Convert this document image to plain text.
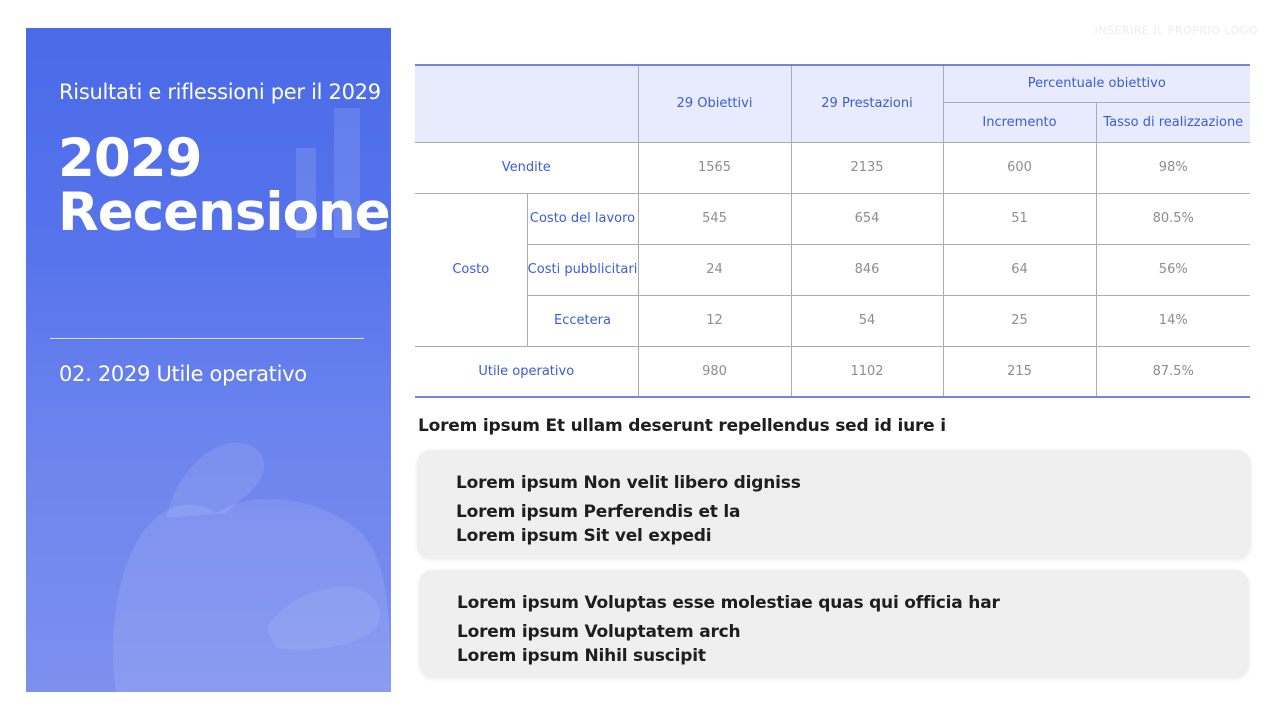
INSERIRE IL PROPRIO LOGO
Risultati e riflessioni per il 2029
2029
Recensione
02. 2029 Utile operativo
		29 Obiettivi	29 Prestazioni	Percentuale obiettivo	
				Incremento	Tasso di realizzazione
Vendite		1565	2135	600	98%
Costo	Costo del lavoro	545	654	51	80.5%
	Costi pubblicitari	24	846	64	56%
	Eccetera	12	54	25	14%
Utile operativo		980	1102	215	87.5%
Lorem ipsum Et ullam deserunt repellendus sed id iure i
Lorem ipsum Non velit libero digniss
Lorem ipsum Perferendis et la
Lorem ipsum Sit vel expedi
Lorem ipsum Voluptas esse molestiae quas qui officia har
Lorem ipsum Voluptatem arch
Lorem ipsum Nihil suscipit
